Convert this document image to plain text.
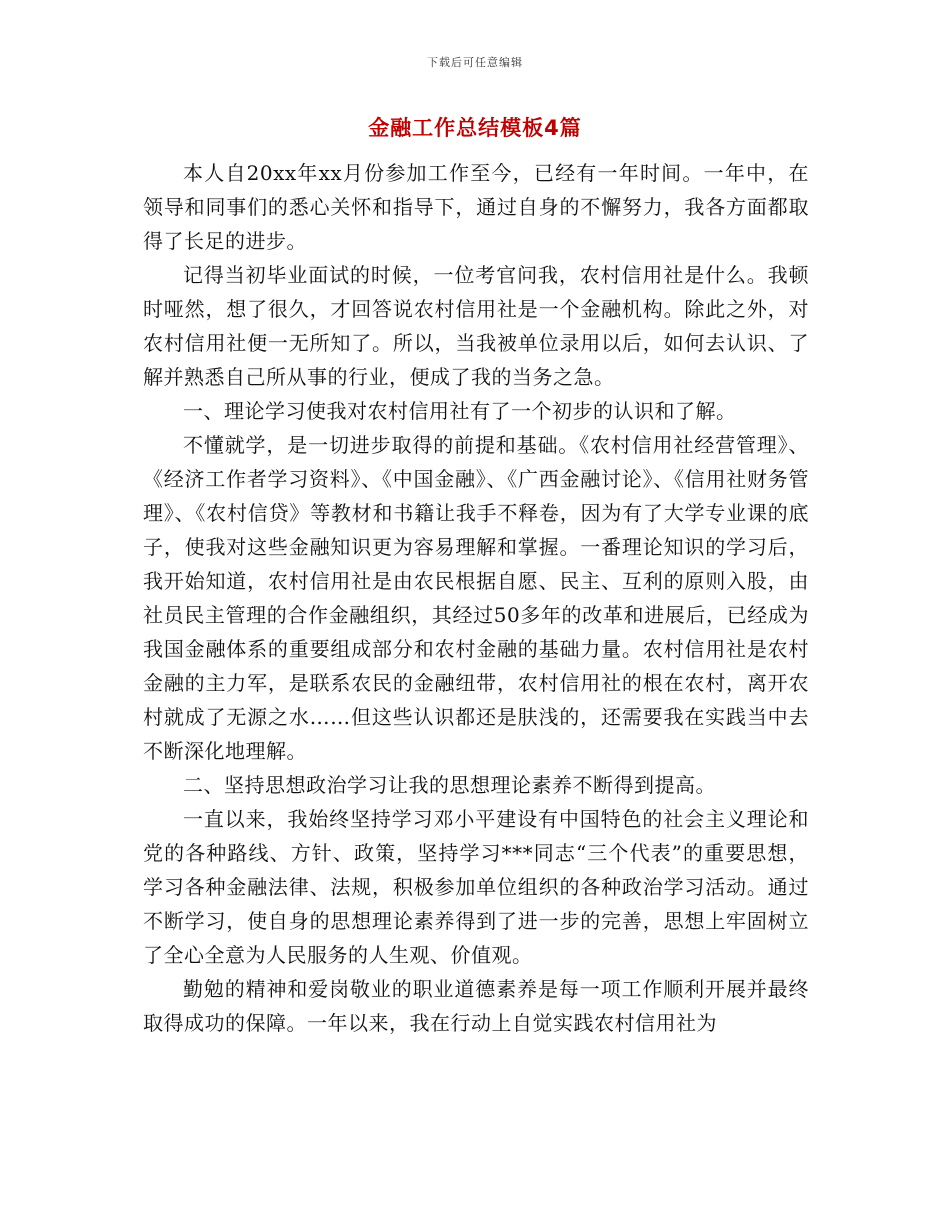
下载后可任意编辑
金融工作总结模板4篇

本人自20xx年xx月份参加工作至今，已经有一年时间。一年中，在领导和同事们的悉心关怀和指导下，通过自身的不懈努力，我各方面都取得了长足的进步。

记得当初毕业面试的时候，一位考官问我，农村信用社是什么。我顿时哑然，想了很久，才回答说农村信用社是一个金融机构。除此之外，对农村信用社便一无所知了。所以，当我被单位录用以后，如何去认识、了解并熟悉自己所从事的行业，便成了我的当务之急。

一、理论学习使我对农村信用社有了一个初步的认识和了解。

不懂就学，是一切进步取得的前提和基础。《农村信用社经营管理》、《经济工作者学习资料》、《中国金融》、《广西金融讨论》、《信用社财务管理》、《农村信贷》等教材和书籍让我手不释卷，因为有了大学专业课的底子，使我对这些金融知识更为容易理解和掌握。一番理论知识的学习后，我开始知道，农村信用社是由农民根据自愿、民主、互利的原则入股，由社员民主管理的合作金融组织，其经过50多年的改革和进展后，已经成为我国金融体系的重要组成部分和农村金融的基础力量。农村信用社是农村金融的主力军，是联系农民的金融纽带，农村信用社的根在农村，离开农村就成了无源之水……但这些认识都还是肤浅的，还需要我在实践当中去不断深化地理解。

二、坚持思想政治学习让我的思想理论素养不断得到提高。

一直以来，我始终坚持学习邓小平建设有中国特色的社会主义理论和党的各种路线、方针、政策，坚持学习***同志“三个代表”的重要思想，学习各种金融法律、法规，积极参加单位组织的各种政治学习活动。通过不断学习，使自身的思想理论素养得到了进一步的完善，思想上牢固树立了全心全意为人民服务的人生观、价值观。

勤勉的精神和爱岗敬业的职业道德素养是每一项工作顺利开展并最终取得成功的保障。一年以来，我在行动上自觉实践农村信用社为
